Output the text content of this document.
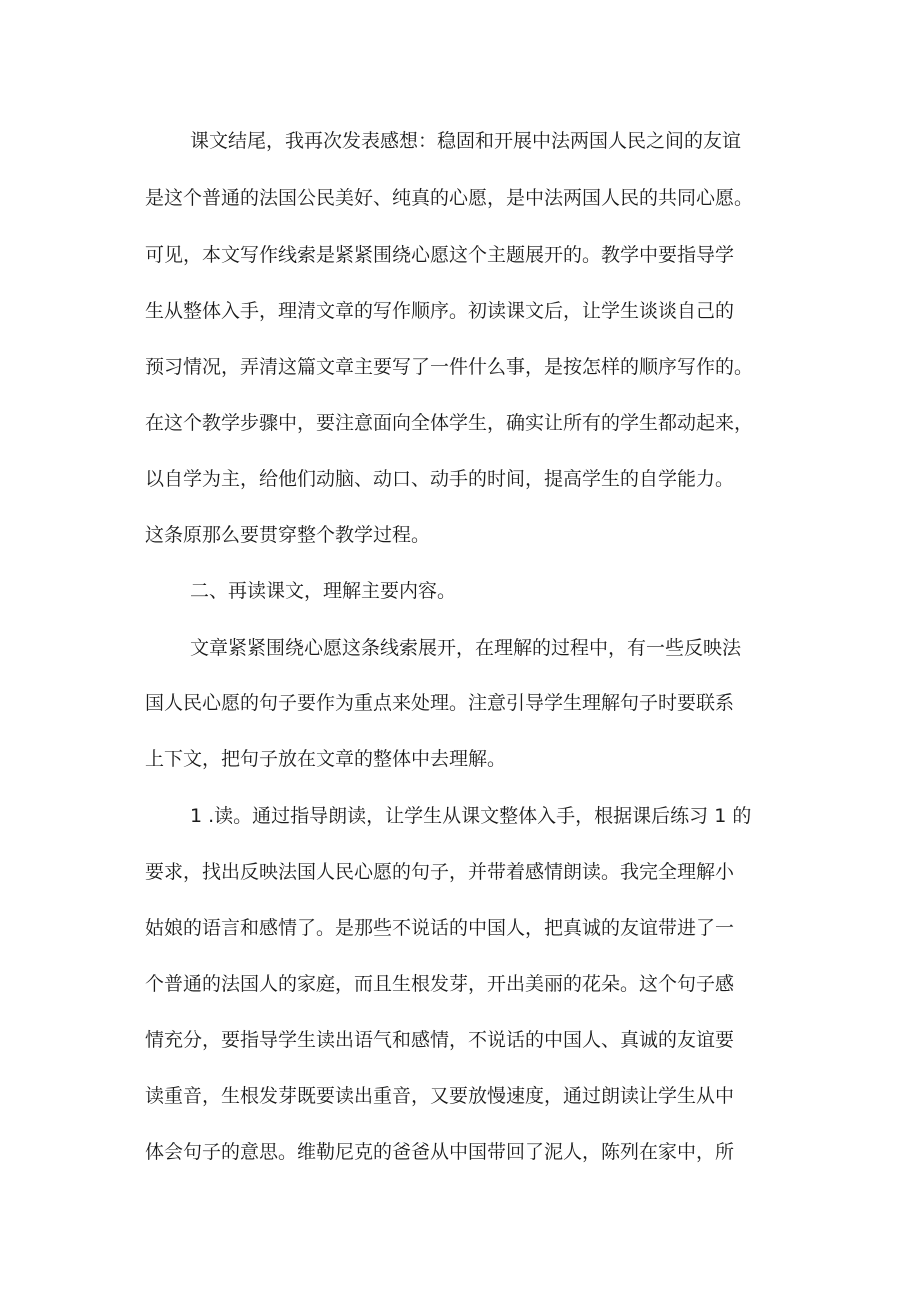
课文结尾，我再次发表感想：稳固和开展中法两国人民之间的友谊
是这个普通的法国公民美好、纯真的心愿，是中法两国人民的共同心愿。
可见，本文写作线索是紧紧围绕心愿这个主题展开的。教学中要指导学
生从整体入手，理清文章的写作顺序。初读课文后，让学生谈谈自己的
预习情况，弄清这篇文章主要写了一件什么事，是按怎样的顺序写作的。
在这个教学步骤中，要注意面向全体学生，确实让所有的学生都动起来，
以自学为主，给他们动脑、动口、动手的时间，提高学生的自学能力。
这条原那么要贯穿整个教学过程。
二、再读课文，理解主要内容。
文章紧紧围绕心愿这条线索展开，在理解的过程中，有一些反映法
国人民心愿的句子要作为重点来处理。注意引导学生理解句子时要联系
上下文，把句子放在文章的整体中去理解。
1 .读。通过指导朗读，让学生从课文整体入手，根据课后练习 1 的
要求，找出反映法国人民心愿的句子，并带着感情朗读。我完全理解小
姑娘的语言和感情了。是那些不说话的中国人，把真诚的友谊带进了一
个普通的法国人的家庭，而且生根发芽，开出美丽的花朵。这个句子感
情充分，要指导学生读出语气和感情，不说话的中国人、真诚的友谊要
读重音，生根发芽既要读出重音，又要放慢速度，通过朗读让学生从中
体会句子的意思。维勒尼克的爸爸从中国带回了泥人，陈列在家中，所
